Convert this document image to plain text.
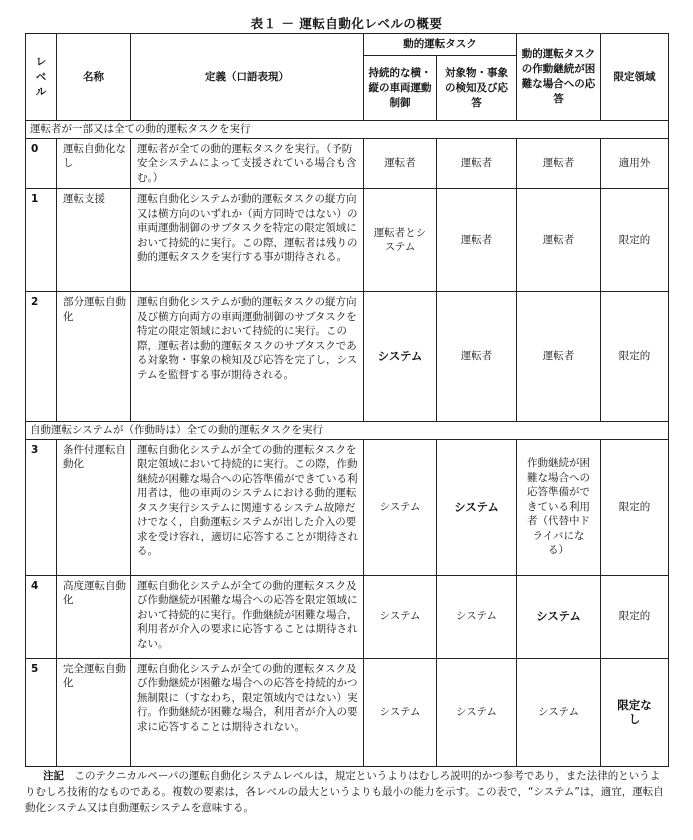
表１ － 運転自動化レベルの概要
レベル	名称	定義（口語表現）	動的運転タスク		動的運転タスクの作動継続が困難な場合への応答	限定領域
			持続的な横・縦の車両運動制御	対象物・事象の検知及び応答		
運転者が一部又は全ての動的運転タスクを実行						
0	運転自動化なし	運転者が全ての動的運転タスクを実行。（予防安全システムによって支援されている場合も含む。）	運転者	運転者	運転者	適用外
1	運転支援	運転自動化システムが動的運転タスクの縦方向又は横方向のいずれか（両方同時ではない）の車両運動制御のサブタスクを特定の限定領域において持続的に実行。この際，運転者は残りの動的運転タスクを実行する事が期待される。	運転者とシステム	運転者	運転者	限定的
2	部分運転自動化	運転自動化システムが動的運転タスクの縦方向及び横方向両方の車両運動制御のサブタスクを特定の限定領域において持続的に実行。この際，運転者は動的運転タスクのサブタスクである対象物・事象の検知及び応答を完了し，システムを監督する事が期待される。	システム	運転者	運転者	限定的
自動運転システムが（作動時は）全ての動的運転タスクを実行						
3	条件付運転自動化	運転自動化システムが全ての動的運転タスクを限定領域において持続的に実行。この際，作動継続が困難な場合への応答準備ができている利用者は，他の車両のシステムにおける動的運転タスク実行システムに関連するシステム故障だけでなく，自動運転システムが出した介入の要求を受け容れ，適切に応答することが期待される。	システム	システム	作動継続が困難な場合への応答準備ができている利用者（代替中ドライバになる）	限定的
4	高度運転自動化	運転自動化システムが全ての動的運転タスク及び作動継続が困難な場合への応答を限定領域において持続的に実行。作動継続が困難な場合，利用者が介入の要求に応答することは期待されない。	システム	システム	システム	限定的
5	完全運転自動化	運転自動化システムが全ての動的運転タスク及び作動継続が困難な場合への応答を持続的かつ無制限に（すなわち，限定領域内ではない）実行。作動継続が困難な場合，利用者が介入の要求に応答することは期待されない。	システム	システム	システム	限定なし
注記　 このテクニカルペーパの運転自動化システムレベルは，規定というよりはむしろ説明的かつ参考であり，また法律的というよりむしろ技術的なものである。複数の要素は，各レベルの最大というよりも最小の能力を示す。この表で，“システム”は，適宜，運転自動化システム又は自動運転システムを意味する。
